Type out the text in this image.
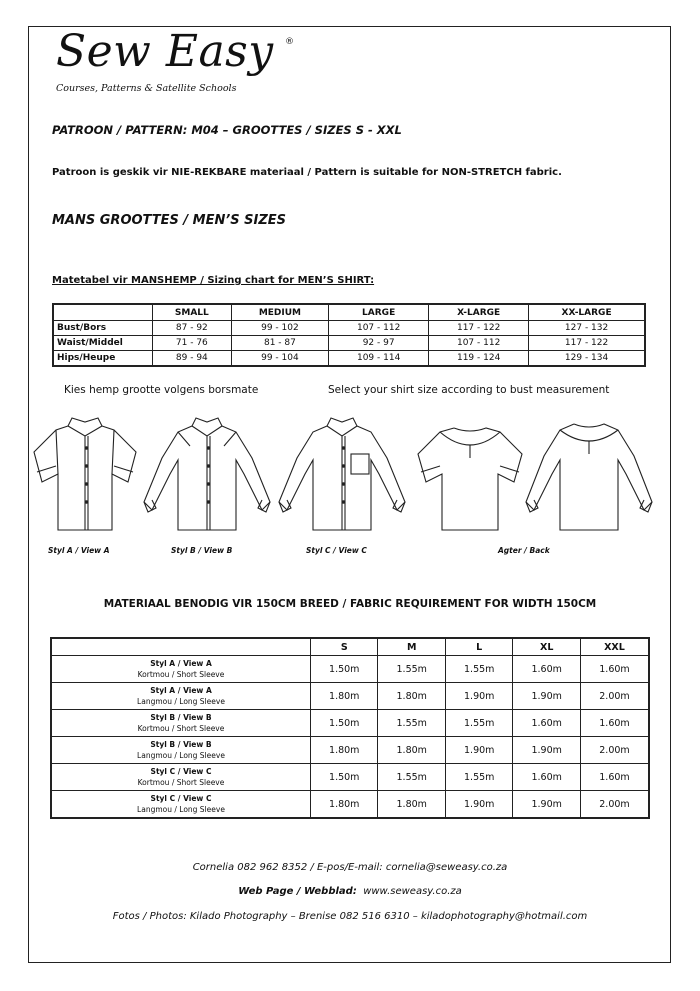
Sew Easy ®
Courses, Patterns & Satellite Schools
PATROON / PATTERN: M04 – GROOTTES / SIZES S - XXL
Patroon is geskik vir NIE-REKBARE materiaal / Pattern is suitable for NON-STRETCH fabric.
MANS GROOTTES / MEN’S SIZES
Matetabel vir MANSHEMP / Sizing chart for MEN’S SHIRT:
	SMALL	MEDIUM	LARGE	X-LARGE	XX-LARGE
Bust/Bors	87 - 92	99 - 102	107 - 112	117 - 122	127 - 132
Waist/Middel	71 - 76	81 - 87	92 - 97	107 - 112	117 - 122
Hips/Heupe	89 - 94	99 - 104	109 - 114	119 - 124	129 - 134
Kies hemp grootte volgens borsmate	Select your shirt size according to bust measurement
Styl A / View A	Styl B / View B	Styl C / View C	Agter / Back
MATERIAAL BENODIG VIR 150CM BREED / FABRIC REQUIREMENT FOR WIDTH 150CM
	S	M	L	XL	XXL

Styl A / View A
Kortmou / Short Sleeve	1.50m	1.55m	1.55m	1.60m	1.60m

Styl A / View A
Langmou / Long Sleeve	1.80m	1.80m	1.90m	1.90m	2.00m

Styl B / View B
Kortmou / Short Sleeve	1.50m	1.55m	1.55m	1.60m	1.60m

Styl B / View B
Langmou / Long Sleeve	1.80m	1.80m	1.90m	1.90m	2.00m

Styl C / View C
Kortmou / Short Sleeve	1.50m	1.55m	1.55m	1.60m	1.60m

Styl C / View C
Langmou / Long Sleeve	1.80m	1.80m	1.90m	1.90m	2.00m
Cornelia 082 962 8352 / E-pos/E-mail: cornelia@seweasy.co.za
Web Page / Webblad: www.seweasy.co.za
Fotos / Photos: Kilado Photography – Brenise 082 516 6310 – kiladophotography@hotmail.com
